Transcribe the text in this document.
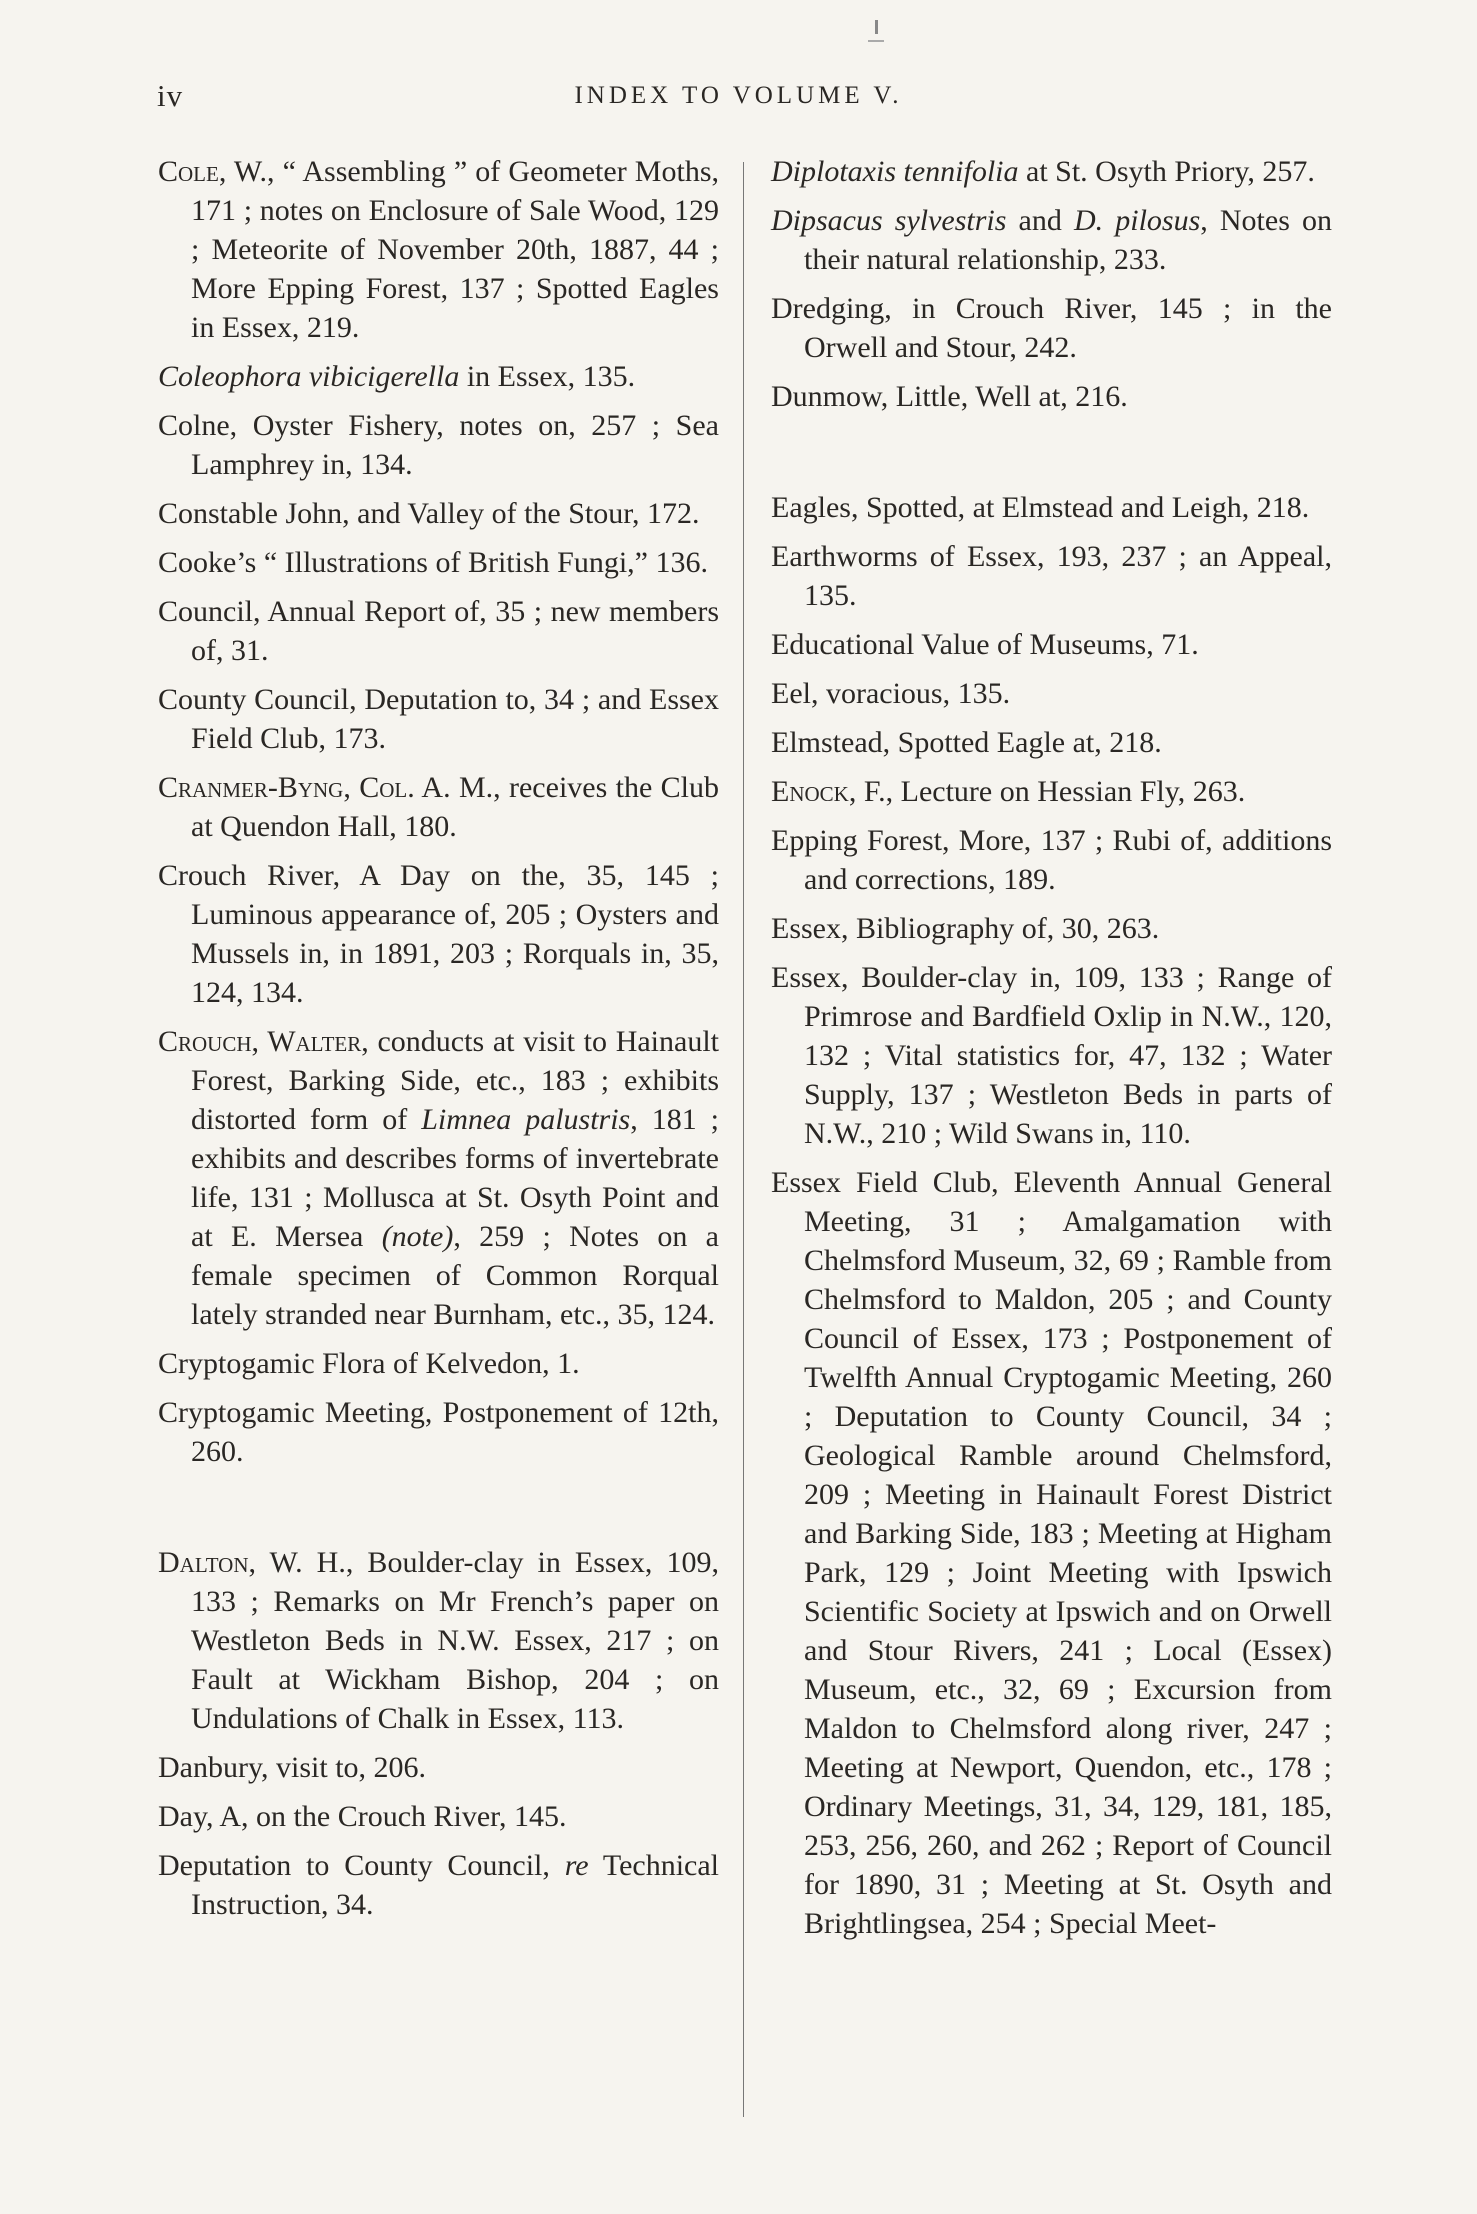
iv	INDEX TO VOLUME V.
Cole, W., “ Assembling ” of Geometer Moths, 171 ; notes on Enclosure of Sale Wood, 129 ; Meteorite of November 20th, 1887, 44 ; More Epping Forest, 137 ; Spotted Eagles in Essex, 219.
Coleophora vibicigerella in Essex, 135.
Colne, Oyster Fishery, notes on, 257 ; Sea Lamphrey in, 134.
Constable John, and Valley of the Stour, 172.
Cooke’s “ Illustrations of British Fungi,” 136.
Council, Annual Report of, 35 ; new members of, 31.
County Council, Deputation to, 34 ; and Essex Field Club, 173.
Cranmer-Byng, Col. A. M., receives the Club at Quendon Hall, 180.
Crouch River, A Day on the, 35, 145 ; Luminous appearance of, 205 ; Oysters and Mussels in, in 1891, 203 ; Rorquals in, 35, 124, 134.
Crouch, Walter, conducts at visit to Hainault Forest, Barking Side, etc., 183 ; exhibits distorted form of Limnea palustris, 181 ; exhibits and describes forms of invertebrate life, 131 ; Mollusca at St. Osyth Point and at E. Mersea (note), 259 ; Notes on a female specimen of Common Rorqual lately stranded near Burnham, etc., 35, 124.
Cryptogamic Flora of Kelvedon, 1.
Cryptogamic Meeting, Postponement of 12th, 260.
Dalton, W. H., Boulder-clay in Essex, 109, 133 ; Remarks on Mr French’s paper on Westleton Beds in N.W. Essex, 217 ; on Fault at Wickham Bishop, 204 ; on Undulations of Chalk in Essex, 113.
Danbury, visit to, 206.
Day, A, on the Crouch River, 145.
Deputation to County Council, re Technical Instruction, 34.
Diplotaxis tennifolia at St. Osyth Priory, 257.
Dipsacus sylvestris and D. pilosus, Notes on their natural relationship, 233.
Dredging, in Crouch River, 145 ; in the Orwell and Stour, 242.
Dunmow, Little, Well at, 216.
Eagles, Spotted, at Elmstead and Leigh, 218.
Earthworms of Essex, 193, 237 ; an Appeal, 135.
Educational Value of Museums, 71.
Eel, voracious, 135.
Elmstead, Spotted Eagle at, 218.
Enock, F., Lecture on Hessian Fly, 263.
Epping Forest, More, 137 ; Rubi of, additions and corrections, 189.
Essex, Bibliography of, 30, 263.
Essex, Boulder-clay in, 109, 133 ; Range of Primrose and Bardfield Oxlip in N.W., 120, 132 ; Vital statistics for, 47, 132 ; Water Supply, 137 ; Westleton Beds in parts of N.W., 210 ; Wild Swans in, 110.
Essex Field Club, Eleventh Annual General Meeting, 31 ; Amalgamation with Chelmsford Museum, 32, 69 ; Ramble from Chelmsford to Maldon, 205 ; and County Council of Essex, 173 ; Postponement of Twelfth Annual Cryptogamic Meeting, 260 ; Deputation to County Council, 34 ; Geological Ramble around Chelmsford, 209 ; Meeting in Hainault Forest District and Barking Side, 183 ; Meeting at Higham Park, 129 ; Joint Meeting with Ipswich Scientific Society at Ipswich and on Orwell and Stour Rivers, 241 ; Local (Essex) Museum, etc., 32, 69 ; Excursion from Maldon to Chelmsford along river, 247 ; Meeting at Newport, Quendon, etc., 178 ; Ordinary Meetings, 31, 34, 129, 181, 185, 253, 256, 260, and 262 ; Report of Council for 1890, 31 ; Meeting at St. Osyth and Brightlingsea, 254 ; Special Meet-
